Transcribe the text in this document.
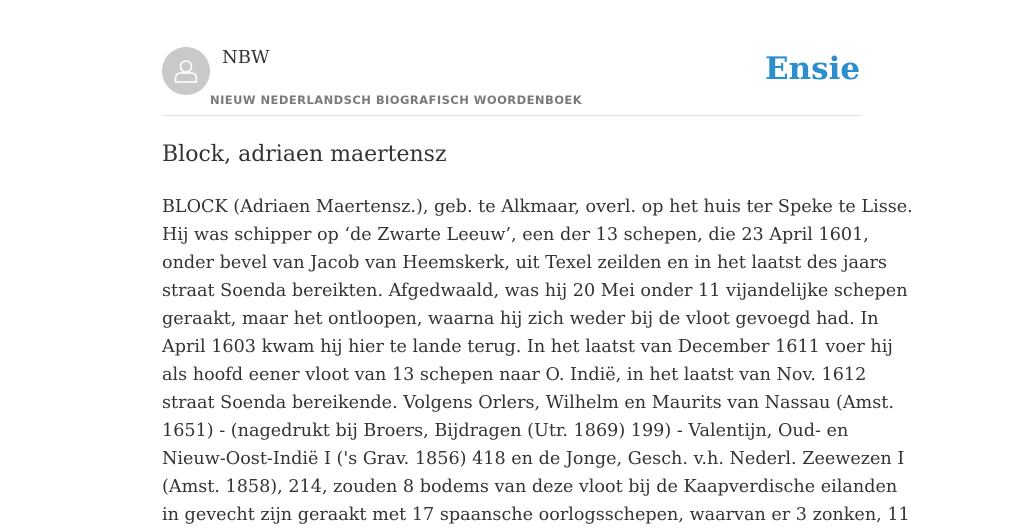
NBW
NIEUW NEDERLANDSCH BIOGRAFISCH WOORDENBOEK
Ensie
Block, adriaen maertensz
BLOCK (Adriaen Maertensz.), geb. te Alkmaar, overl. op het huis ter Speke te Lisse.
Hij was schipper op ‘de Zwarte Leeuw’, een der 13 schepen, die 23 April 1601,
onder bevel van Jacob van Heemskerk, uit Texel zeilden en in het laatst des jaars
straat Soenda bereikten. Afgedwaald, was hij 20 Mei onder 11 vijandelijke schepen
geraakt, maar het ontloopen, waarna hij zich weder bij de vloot gevoegd had. In
April 1603 kwam hij hier te lande terug. In het laatst van December 1611 voer hij
als hoofd eener vloot van 13 schepen naar O. Indië, in het laatst van Nov. 1612
straat Soenda bereikende. Volgens Orlers, Wilhelm en Maurits van Nassau (Amst.
1651) - (nagedrukt bij Broers, Bijdragen (Utr. 1869) 199) - Valentijn, Oud- en
Nieuw-Oost-Indië I ('s Grav. 1856) 418 en de Jonge, Gesch. v.h. Nederl. Zeewezen I
(Amst. 1858), 214, zouden 8 bodems van deze vloot bij de Kaapverdische eilanden
in gevecht zijn geraakt met 17 spaansche oorlogsschepen, waarvan er 3 zonken, 11
